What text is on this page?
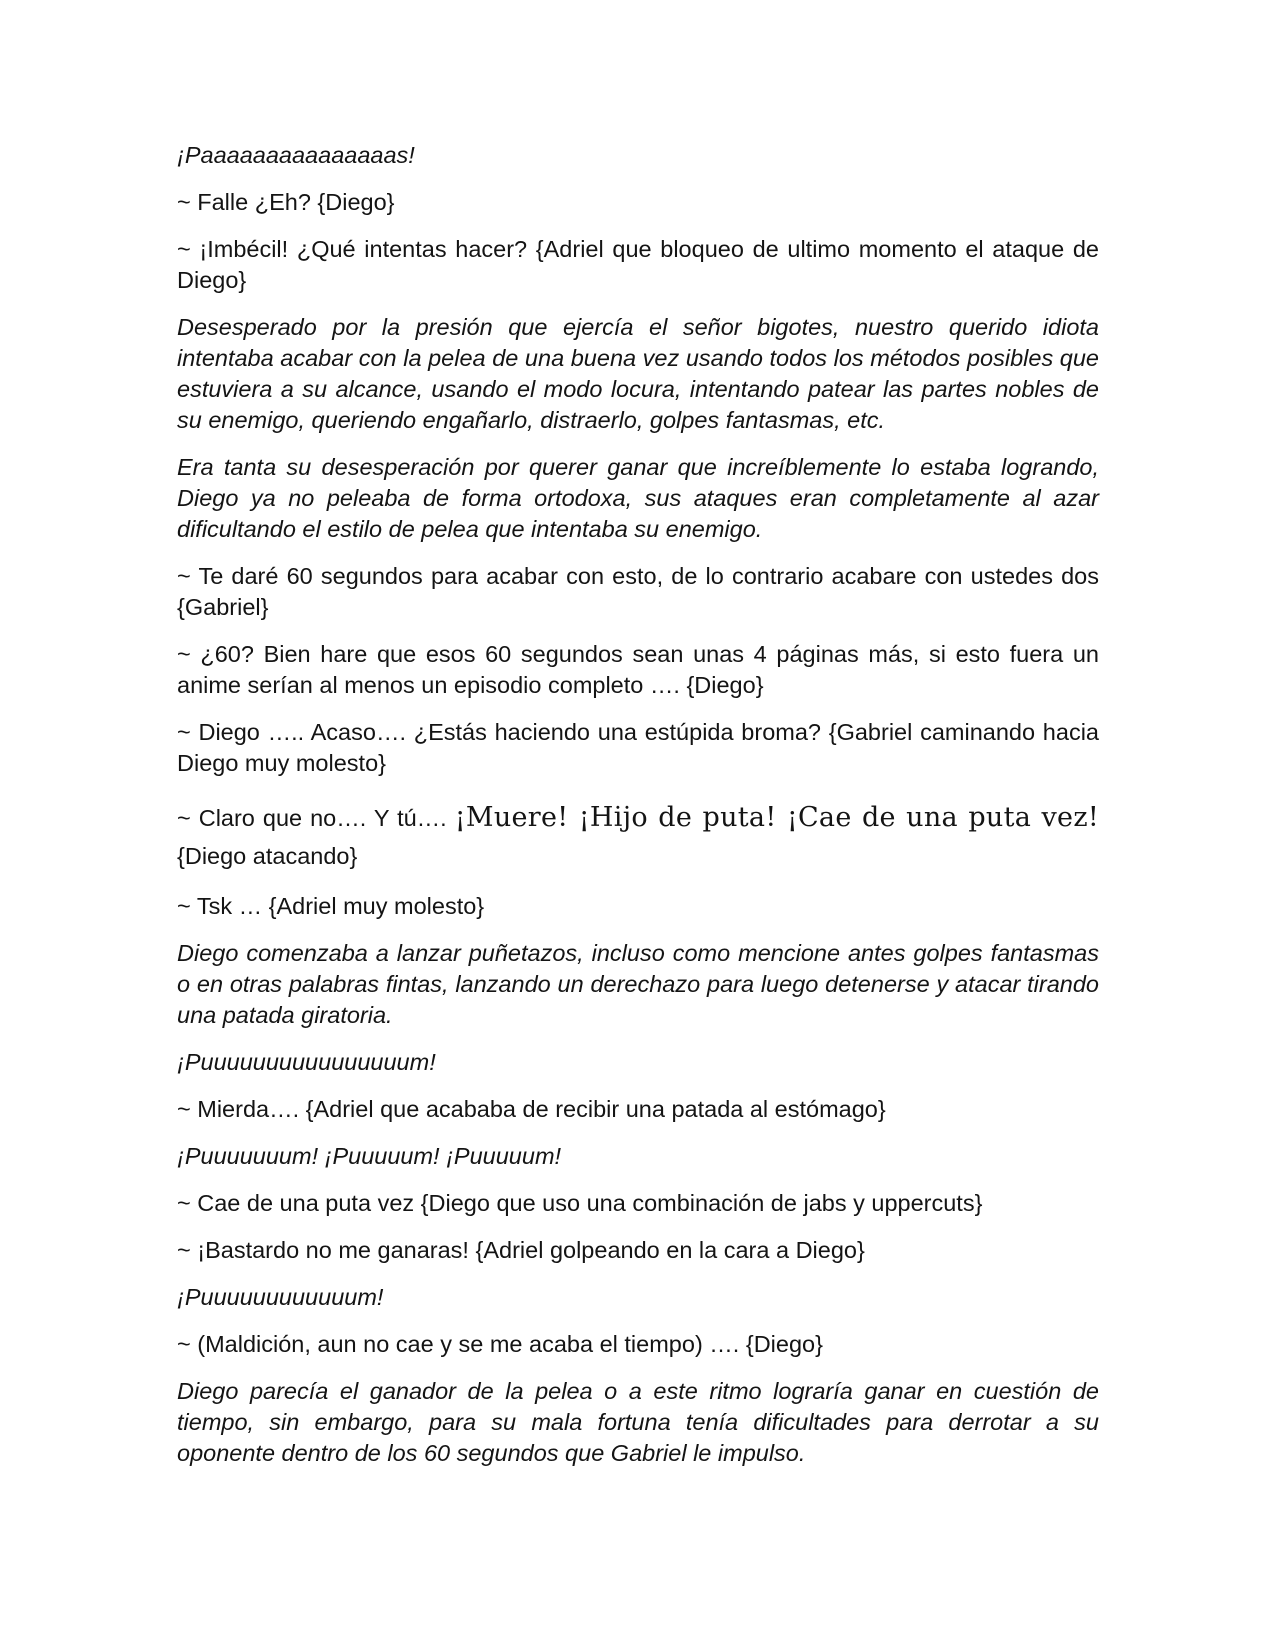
¡Paaaaaaaaaaaaaaas!

~ Falle ¿Eh? {Diego}

~ ¡Imbécil! ¿Qué intentas hacer? {Adriel que bloqueo de ultimo momento el ataque de Diego}

Desesperado por la presión que ejercía el señor bigotes, nuestro querido idiota intentaba acabar con la pelea de una buena vez usando todos los métodos posibles que estuviera a su alcance, usando el modo locura, intentando patear las partes nobles de su enemigo, queriendo engañarlo, distraerlo, golpes fantasmas, etc.

Era tanta su desesperación por querer ganar que increíblemente lo estaba logrando, Diego ya no peleaba de forma ortodoxa, sus ataques eran completamente al azar dificultando el estilo de pelea que intentaba su enemigo.

~ Te daré 60 segundos para acabar con esto, de lo contrario acabare con ustedes dos {Gabriel}

~ ¿60? Bien hare que esos 60 segundos sean unas 4 páginas más, si esto fuera un anime serían al menos un episodio completo …. {Diego}

~ Diego ….. Acaso…. ¿Estás haciendo una estúpida broma? {Gabriel caminando hacia Diego muy molesto}

~ Claro que no…. Y tú…. ¡Muere! ¡Hijo de puta! ¡Cae de una puta vez! {Diego atacando}

~ Tsk … {Adriel muy molesto}

Diego comenzaba a lanzar puñetazos, incluso como mencione antes golpes fantasmas o en otras palabras fintas, lanzando un derechazo para luego detenerse y atacar tirando una patada giratoria.

¡Puuuuuuuuuuuuuuuum!

~ Mierda…. {Adriel que acababa de recibir una patada al estómago}

¡Puuuuuuum! ¡Puuuuum! ¡Puuuuum!

~ Cae de una puta vez {Diego que uso una combinación de jabs y uppercuts}

~ ¡Bastardo no me ganaras! {Adriel golpeando en la cara a Diego}

¡Puuuuuuuuuuuum!

~ (Maldición, aun no cae y se me acaba el tiempo) …. {Diego}

Diego parecía el ganador de la pelea o a este ritmo lograría ganar en cuestión de tiempo, sin embargo, para su mala fortuna tenía dificultades para derrotar a su oponente dentro de los 60 segundos que Gabriel le impulso.
